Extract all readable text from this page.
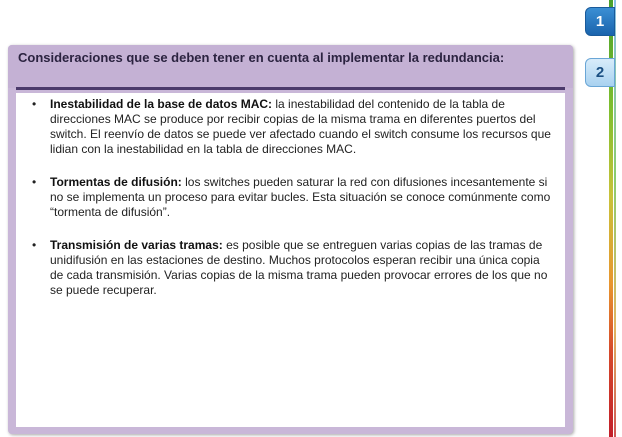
1
2

Consideraciones que se deben tener en cuenta al implementar la redundancia:

• Inestabilidad de la base de datos MAC: la inestabilidad del contenido de la tabla de direcciones MAC se produce por recibir copias de la misma trama en diferentes puertos del switch. El reenvío de datos se puede ver afectado cuando el switch consume los recursos que lidian con la inestabilidad en la tabla de direcciones MAC.
• Tormentas de difusión: los switches pueden saturar la red con difusiones incesantemente si no se implementa un proceso para evitar bucles. Esta situación se conoce comúnmente como “tormenta de difusión”.
• Transmisión de varias tramas: es posible que se entreguen varias copias de las tramas de unidifusión en las estaciones de destino. Muchos protocolos esperan recibir una única copia de cada transmisión. Varias copias de la misma trama pueden provocar errores de los que no se puede recuperar.
